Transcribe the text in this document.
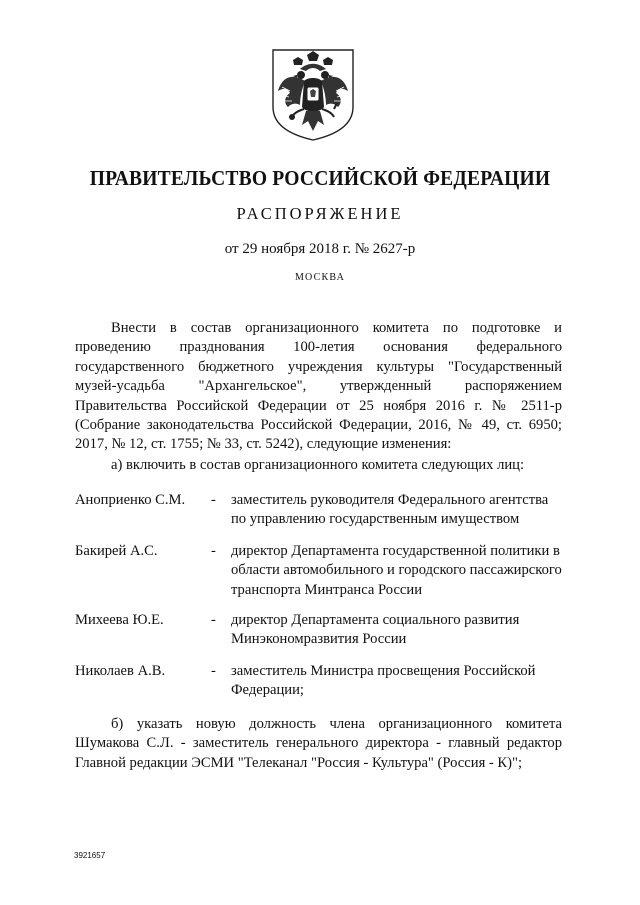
ПРАВИТЕЛЬСТВО РОССИЙСКОЙ ФЕДЕРАЦИИ
РАСПОРЯЖЕНИЕ
от 29 ноября 2018 г. № 2627-р
МОСКВА
Внести в состав организационного комитета по подготовке и проведению празднования 100-летия основания федерального государственного бюджетного учреждения культуры "Государственный музей-усадьба "Архангельское", утвержденный распоряжением Правительства Российской Федерации от 25 ноября 2016 г. № 2511-р (Собрание законодательства Российской Федерации, 2016, № 49, ст. 6950; 2017, № 12, ст. 1755; № 33, ст. 5242), следующие изменения:
а) включить в состав организационного комитета следующих лиц:
Аноприенко С.М. - заместитель руководителя Федерального агентства по управлению государственным имуществом
Бакирей А.С.	- директор Департамента государственной политики в области автомобильного и городского пассажирского транспорта Минтранса России
Михеева Ю.Е.	- директор Департамента социального развития Минэкономразвития России
Николаев А.В.	- заместитель Министра просвещения Российской Федерации;
б) указать новую должность члена организационного комитета Шумакова С.Л. - заместитель генерального директора - главный редактор Главной редакции ЭСМИ "Телеканал "Россия - Культура" (Россия - К)";
3921657
